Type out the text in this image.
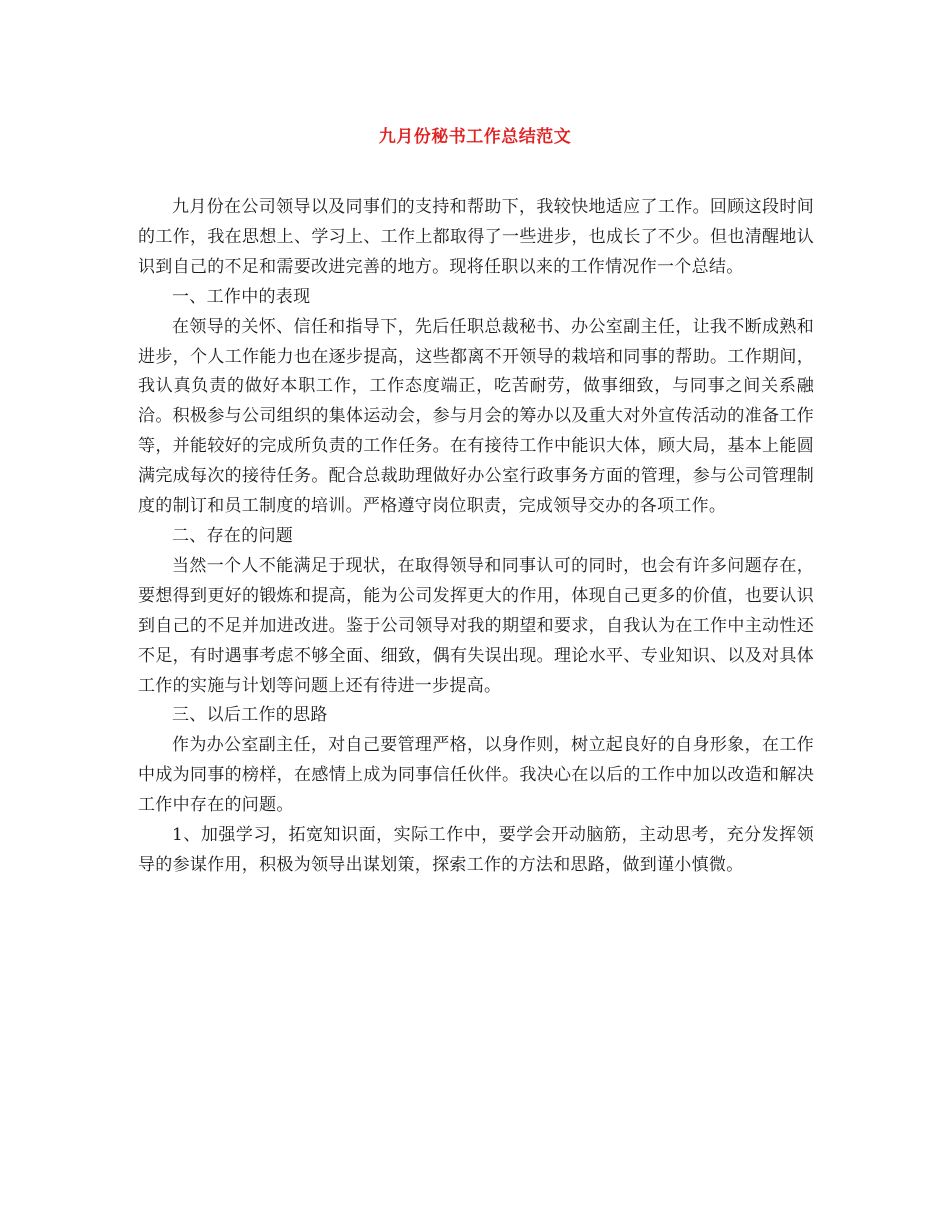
九月份秘书工作总结范文

九月份在公司领导以及同事们的支持和帮助下，我较快地适应了工作。回顾这段时间的工作，我在思想上、学习上、工作上都取得了一些进步，也成长了不少。但也清醒地认识到自己的不足和需要改进完善的地方。现将任职以来的工作情况作一个总结。

一、工作中的表现

在领导的关怀、信任和指导下，先后任职总裁秘书、办公室副主任，让我不断成熟和进步，个人工作能力也在逐步提高，这些都离不开领导的栽培和同事的帮助。工作期间，我认真负责的做好本职工作，工作态度端正，吃苦耐劳，做事细致，与同事之间关系融洽。积极参与公司组织的集体运动会，参与月会的筹办以及重大对外宣传活动的准备工作等，并能较好的完成所负责的工作任务。在有接待工作中能识大体，顾大局，基本上能圆满完成每次的接待任务。配合总裁助理做好办公室行政事务方面的管理，参与公司管理制度的制订和员工制度的培训。严格遵守岗位职责，完成领导交办的各项工作。

二、存在的问题

当然一个人不能满足于现状，在取得领导和同事认可的同时，也会有许多问题存在，要想得到更好的锻炼和提高，能为公司发挥更大的作用，体现自己更多的价值，也要认识到自己的不足并加进改进。鉴于公司领导对我的期望和要求，自我认为在工作中主动性还不足，有时遇事考虑不够全面、细致，偶有失误出现。理论水平、专业知识、以及对具体工作的实施与计划等问题上还有待进一步提高。

三、以后工作的思路

作为办公室副主任，对自己要管理严格，以身作则，树立起良好的自身形象，在工作中成为同事的榜样，在感情上成为同事信任伙伴。我决心在以后的工作中加以改造和解决工作中存在的问题。

1、加强学习，拓宽知识面，实际工作中，要学会开动脑筋，主动思考，充分发挥领导的参谋作用，积极为领导出谋划策，探索工作的方法和思路，做到谨小慎微。
